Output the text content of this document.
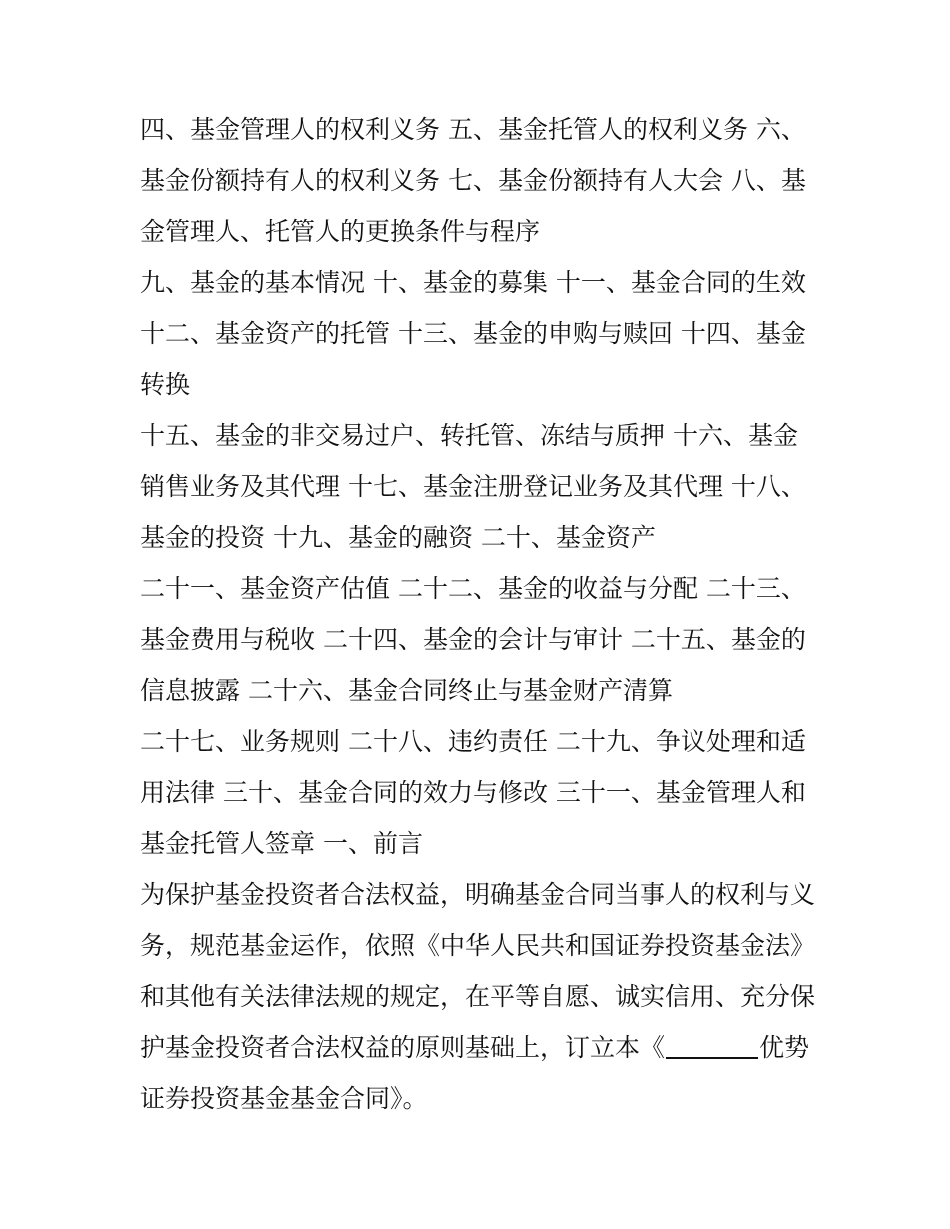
四、基金管理人的权利义务 五、基金托管人的权利义务 六、
基金份额持有人的权利义务 七、基金份额持有人大会 八、基
金管理人、托管人的更换条件与程序
九、基金的基本情况 十、基金的募集 十一、基金合同的生效
十二、基金资产的托管 十三、基金的申购与赎回 十四、基金
转换
十五、基金的非交易过户、转托管、冻结与质押 十六、基金
销售业务及其代理 十七、基金注册登记业务及其代理 十八、
基金的投资 十九、基金的融资 二十、基金资产
二十一、基金资产估值 二十二、基金的收益与分配 二十三、
基金费用与税收 二十四、基金的会计与审计 二十五、基金的
信息披露 二十六、基金合同终止与基金财产清算
二十七、业务规则 二十八、违约责任 二十九、争议处理和适
用法律 三十、基金合同的效力与修改 三十一、基金管理人和
基金托管人签章 一、前言
为保护基金投资者合法权益，明确基金合同当事人的权利与义
务，规范基金运作，依照《中华人民共和国证券投资基金法》
和其他有关法律法规的规定，在平等自愿、诚实信用、充分保
护基金投资者合法权益的原则基础上，订立本《	优势
证券投资基金基金合同》。
